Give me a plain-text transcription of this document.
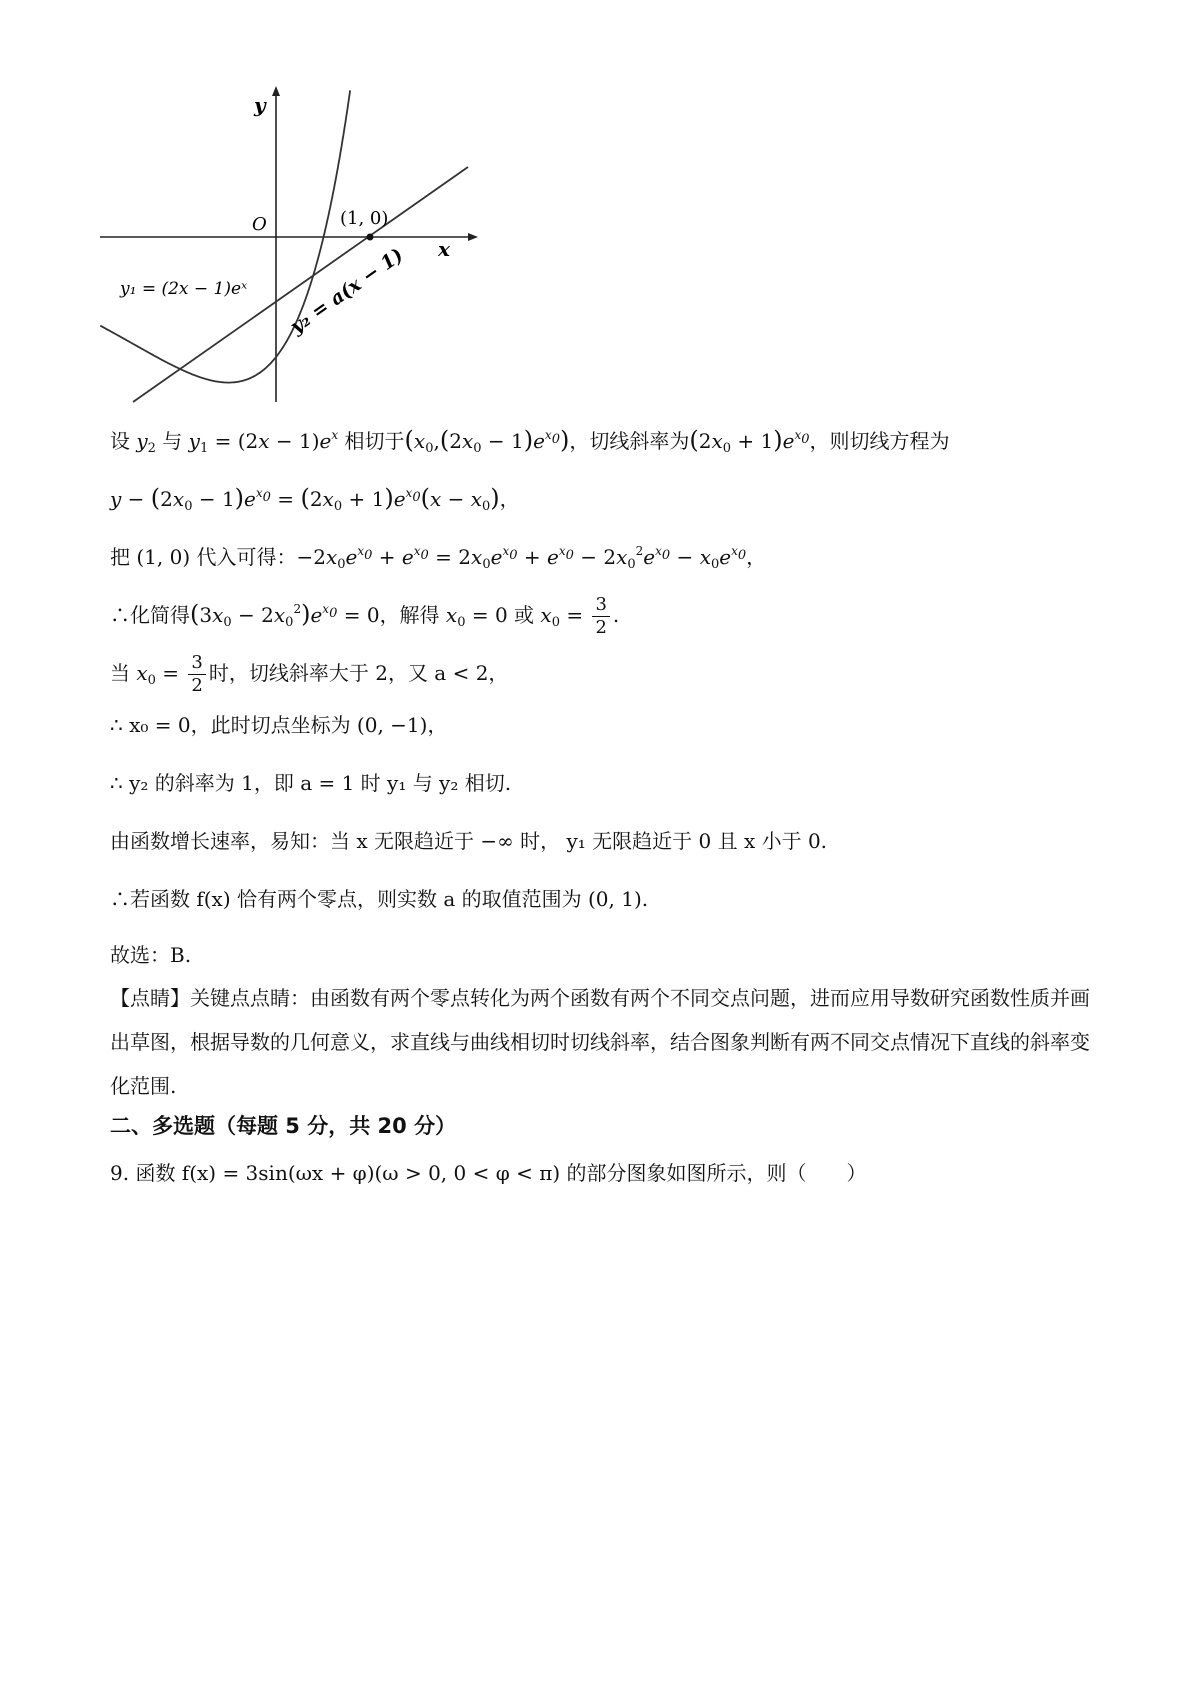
y
x
O	(1, 0)
y₁ = (2x − 1)eˣ y₂ = a(x − 1)
设 $y_2$ 与 $y_1 = (2x - 1)e^x$ 相切于$(x_0,(2x_0 - 1)e^{x_0})$，切线斜率为$(2x_0 + 1)e^{x_0}$，则切线方程为
$y - (2x_0 - 1)e^{x_0} = (2x_0 + 1)e^{x_0}(x - x_0)$，
把 (1, 0) 代入可得：$-2x_0e^{x_0} + e^{x_0} = 2x_0e^{x_0} + e^{x_0} - 2x_0^2e^{x_0} - x_0e^{x_0}$，
∴化简得$(3x_0 - 2x_0^2)e^{x_0} = 0$，解得 $x_0 = 0$ 或 $x_0 = \frac{3}{2}$ .
当 $x_0 = \frac{3}{2}$ 时，切线斜率大于 2，又 a < 2，
∴ x₀ = 0，此时切点坐标为 (0, −1)，
∴ y₂ 的斜率为 1，即 a = 1 时 y₁ 与 y₂ 相切.
由函数增长速率，易知：当 x 无限趋近于 −∞ 时， y₁ 无限趋近于 0 且 x 小于 0.
∴若函数 f(x) 恰有两个零点，则实数 a 的取值范围为 (0, 1).
故选：B.
【点睛】关键点点睛：由函数有两个零点转化为两个函数有两个不同交点问题，进而应用导数研究函数性质并画出草图，根据导数的几何意义，求直线与曲线相切时切线斜率，结合图象判断有两不同交点情况下直线的斜率变化范围.
二、多选题（每题 5 分，共 20 分）
9. 函数 f(x) = 3sin(ωx + φ)(ω > 0, 0 < φ < π) 的部分图象如图所示，则（　　）
